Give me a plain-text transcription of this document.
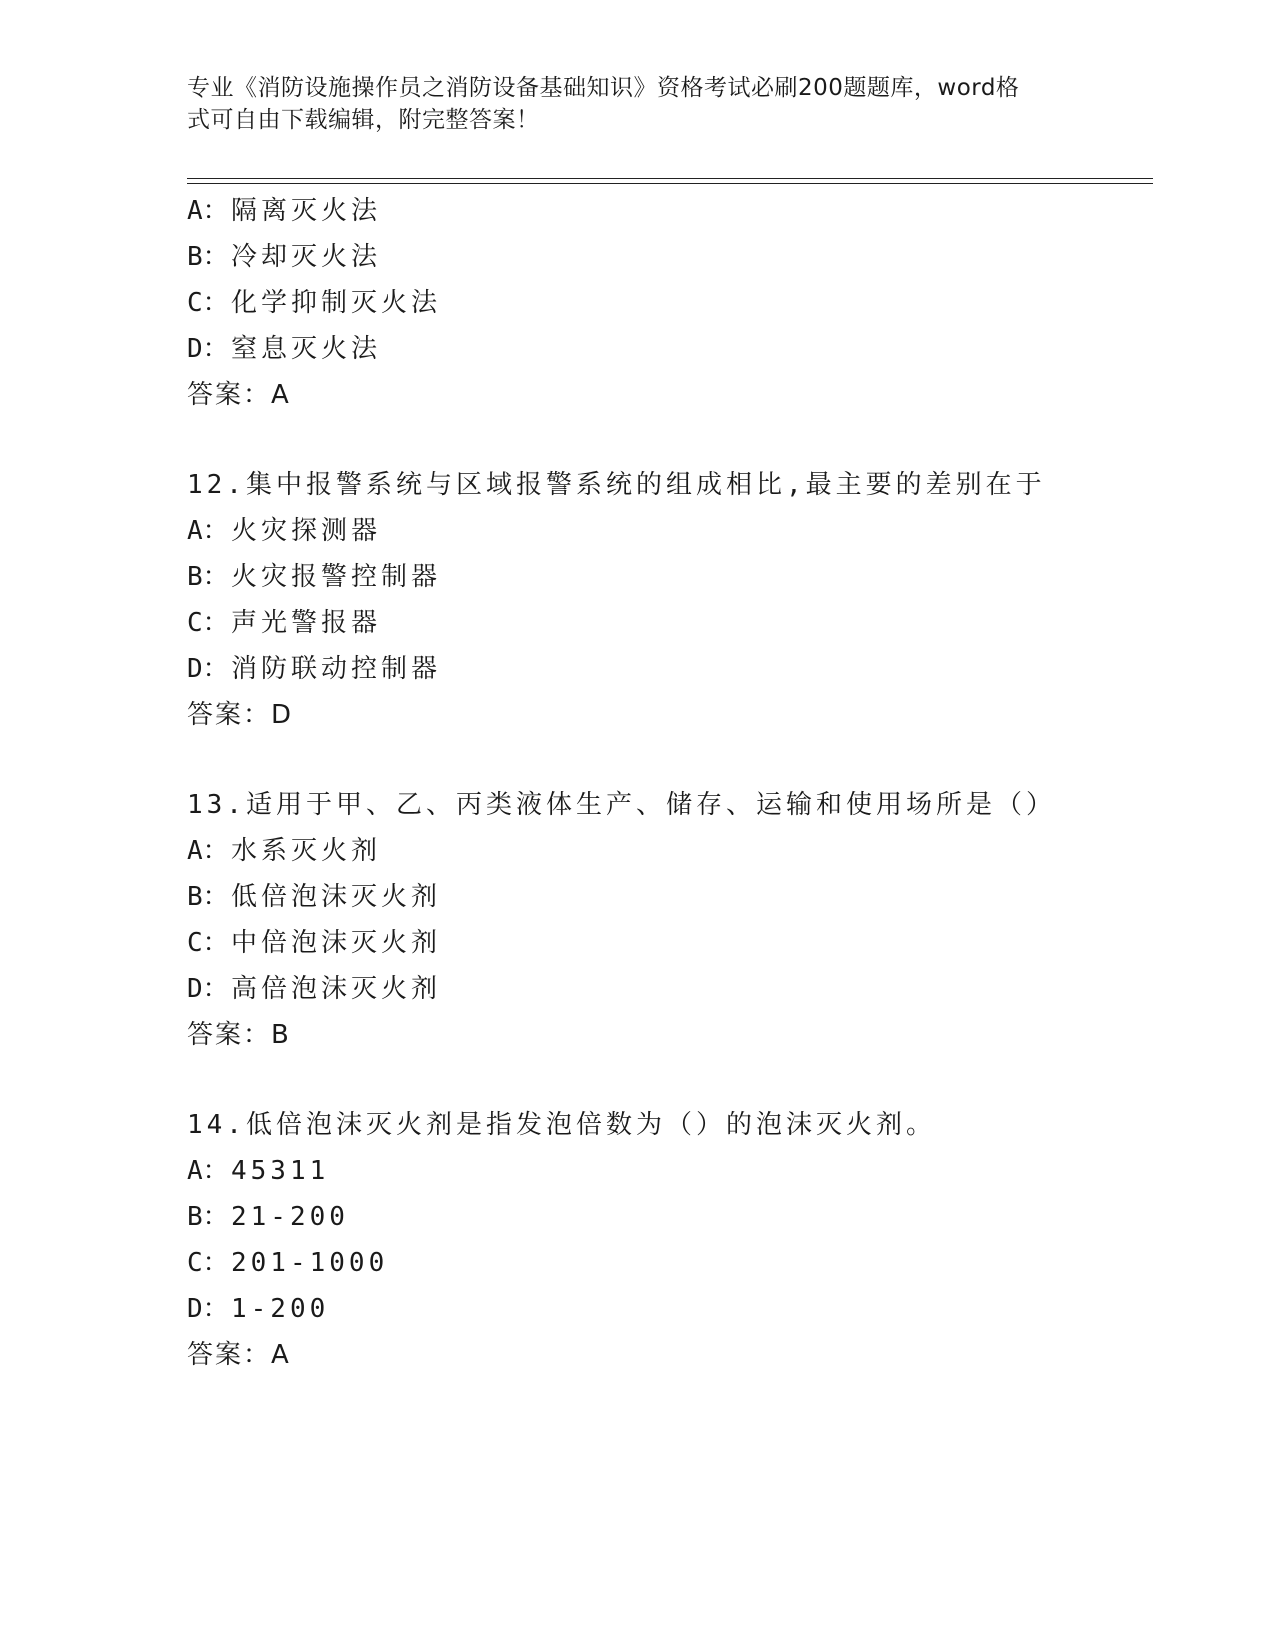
专业《消防设施操作员之消防设备基础知识》资格考试必刷200题题库，word格
式可自由下载编辑，附完整答案！
A：隔离灭火法
B：冷却灭火法
C：化学抑制灭火法
D：窒息灭火法
答案：A
12.集中报警系统与区域报警系统的组成相比,最主要的差别在于
A：火灾探测器
B：火灾报警控制器
C：声光警报器
D：消防联动控制器
答案：D
13.适用于甲、乙、丙类液体生产、储存、运输和使用场所是（）
A：水系灭火剂
B：低倍泡沫灭火剂
C：中倍泡沫灭火剂
D：高倍泡沫灭火剂
答案：B
14.低倍泡沫灭火剂是指发泡倍数为（）的泡沫灭火剂。
A：45311
B：21-200
C：201-1000
D：1-200
答案：A
